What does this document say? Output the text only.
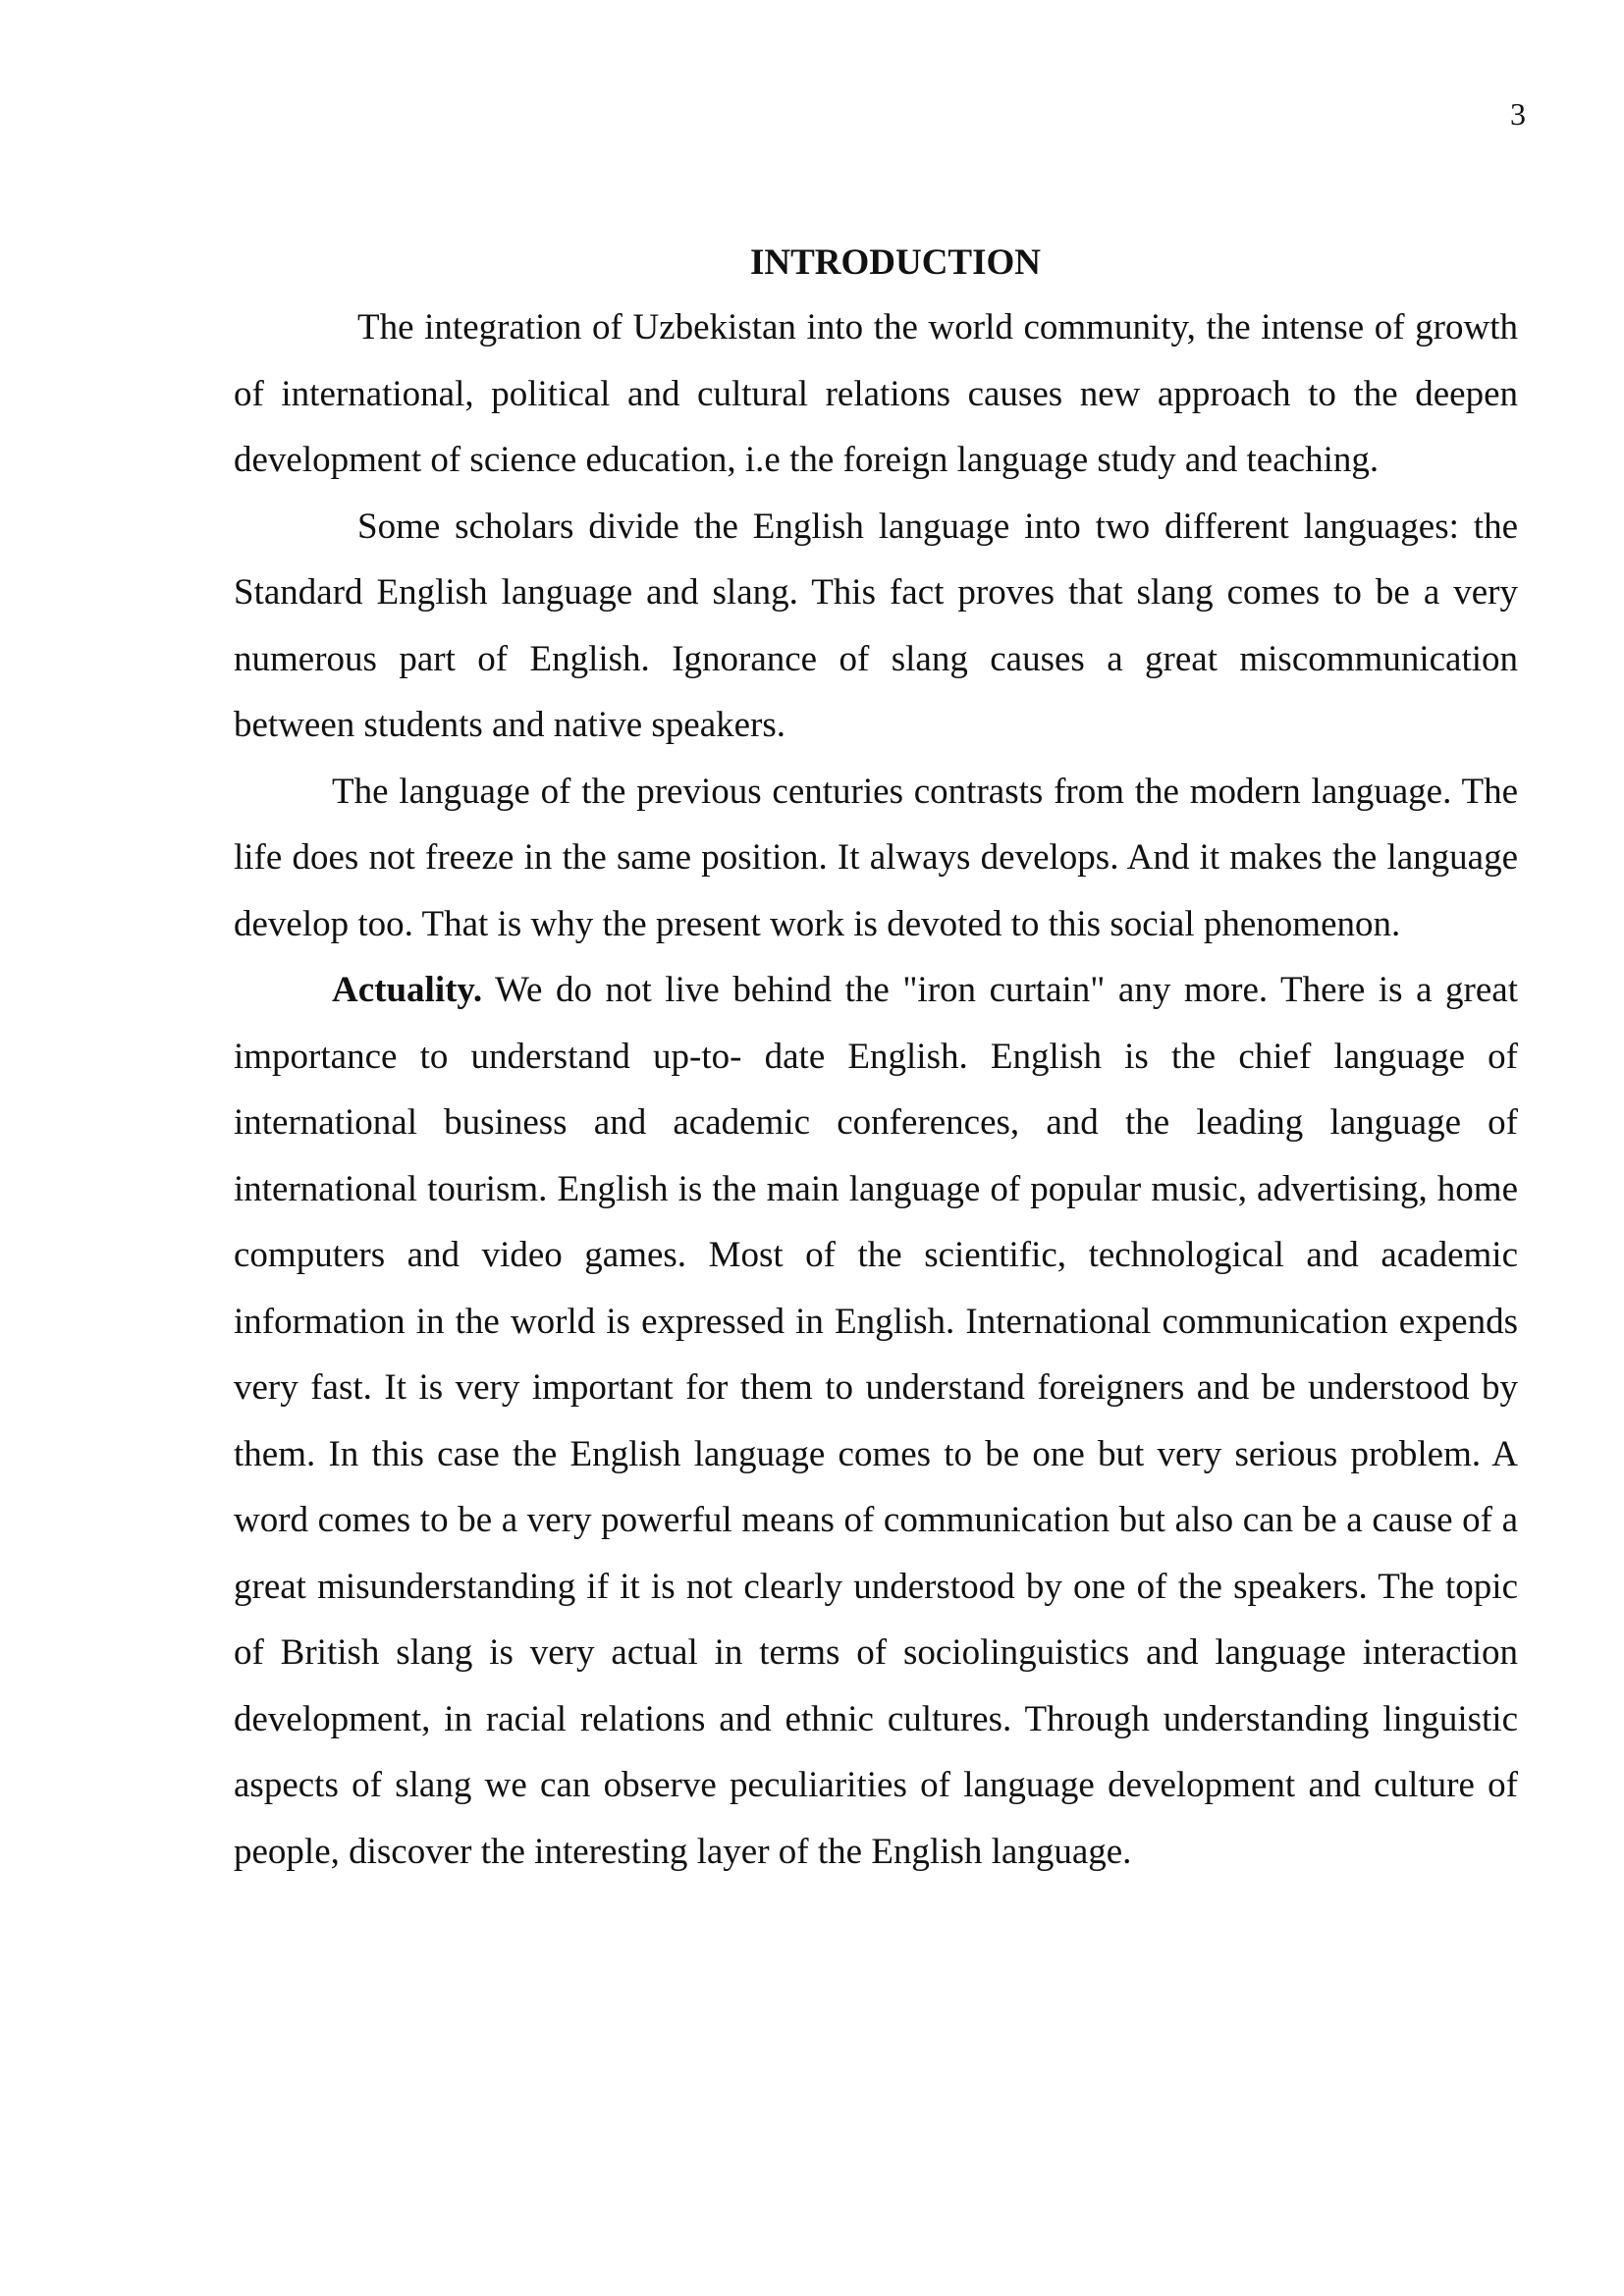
3
INTRODUCTION

The integration of Uzbekistan into the world community, the intense of growth of international, political and cultural relations causes new approach to the deepen development of science education, i.e the foreign language study and teaching.

Some scholars divide the English language into two different languages: the Standard English language and slang. This fact proves that slang comes to be a very numerous part of English. Ignorance of slang causes a great miscommunication between students and native speakers.

The language of the previous centuries contrasts from the modern language. The life does not freeze in the same position. It always develops. And it makes the language develop too. That is why the present work is devoted to this social phenomenon.

Actuality. We do not live behind the "iron curtain" any more. There is a great importance to understand up-to- date English. English is the chief language of international business and academic conferences, and the leading language of international tourism. English is the main language of popular music, advertising, home computers and video games. Most of the scientific, technological and academic information in the world is expressed in English. International communication expends very fast. It is very important for them to understand foreigners and be understood by them. In this case the English language comes to be one but very serious problem. A word comes to be a very powerful means of communication but also can be a cause of a great misunderstanding if it is not clearly understood by one of the speakers. The topic of British slang is very actual in terms of sociolinguistics and language interaction development, in racial relations and ethnic cultures. Through understanding linguistic aspects of slang we can observe peculiarities of language development and culture of people, discover the interesting layer of the English language.
